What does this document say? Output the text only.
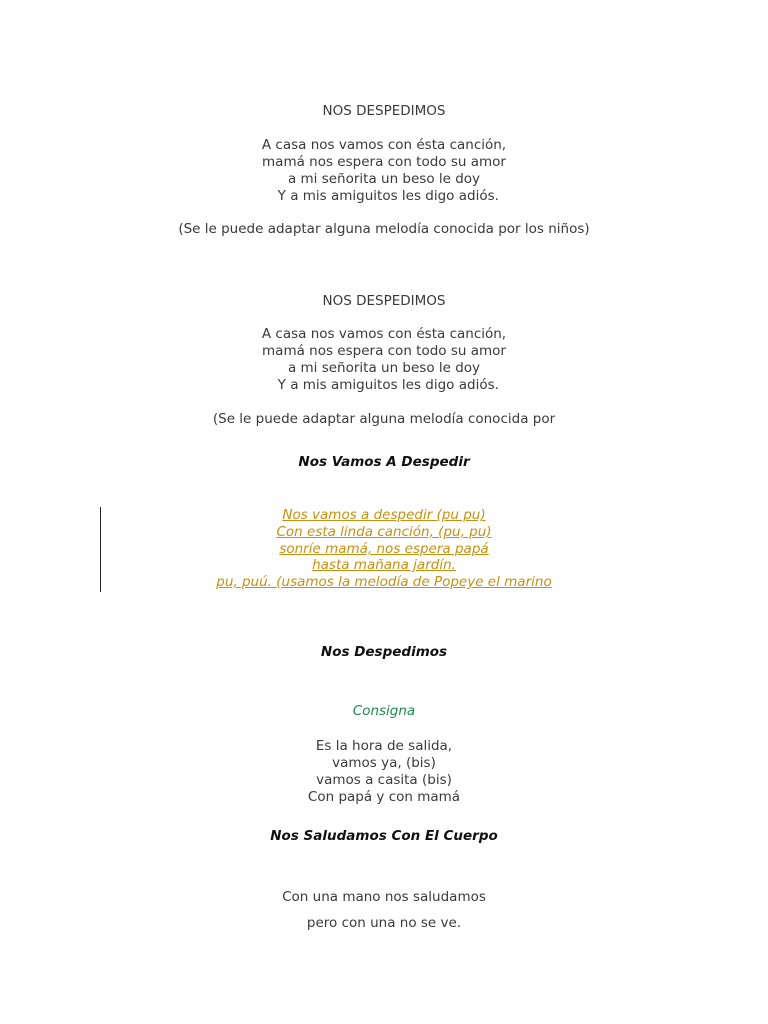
NOS DESPEDIMOS
A casa nos vamos con ésta canción,
mamá nos espera con todo su amor
a mi señorita un beso le doy
Y a mis amiguitos les digo adiós.
(Se le puede adaptar alguna melodía conocida por los niños)
NOS DESPEDIMOS
A casa nos vamos con ésta canción,
mamá nos espera con todo su amor
a mi señorita un beso le doy
Y a mis amiguitos les digo adiós.
(Se le puede adaptar alguna melodía conocida por
Nos Vamos A Despedir
Nos vamos a despedir (pu pu)
Con esta linda canción, (pu, pu)
sonríe mamá, nos espera papá
hasta mañana jardín.
pu, puú. (usamos la melodía de Popeye el marino
Nos Despedimos
Consigna
Es la hora de salida,
vamos ya, (bis)
vamos a casita (bis)
Con papá y con mamá
Nos Saludamos Con El Cuerpo
Con una mano nos saludamos
pero con una no se ve.
